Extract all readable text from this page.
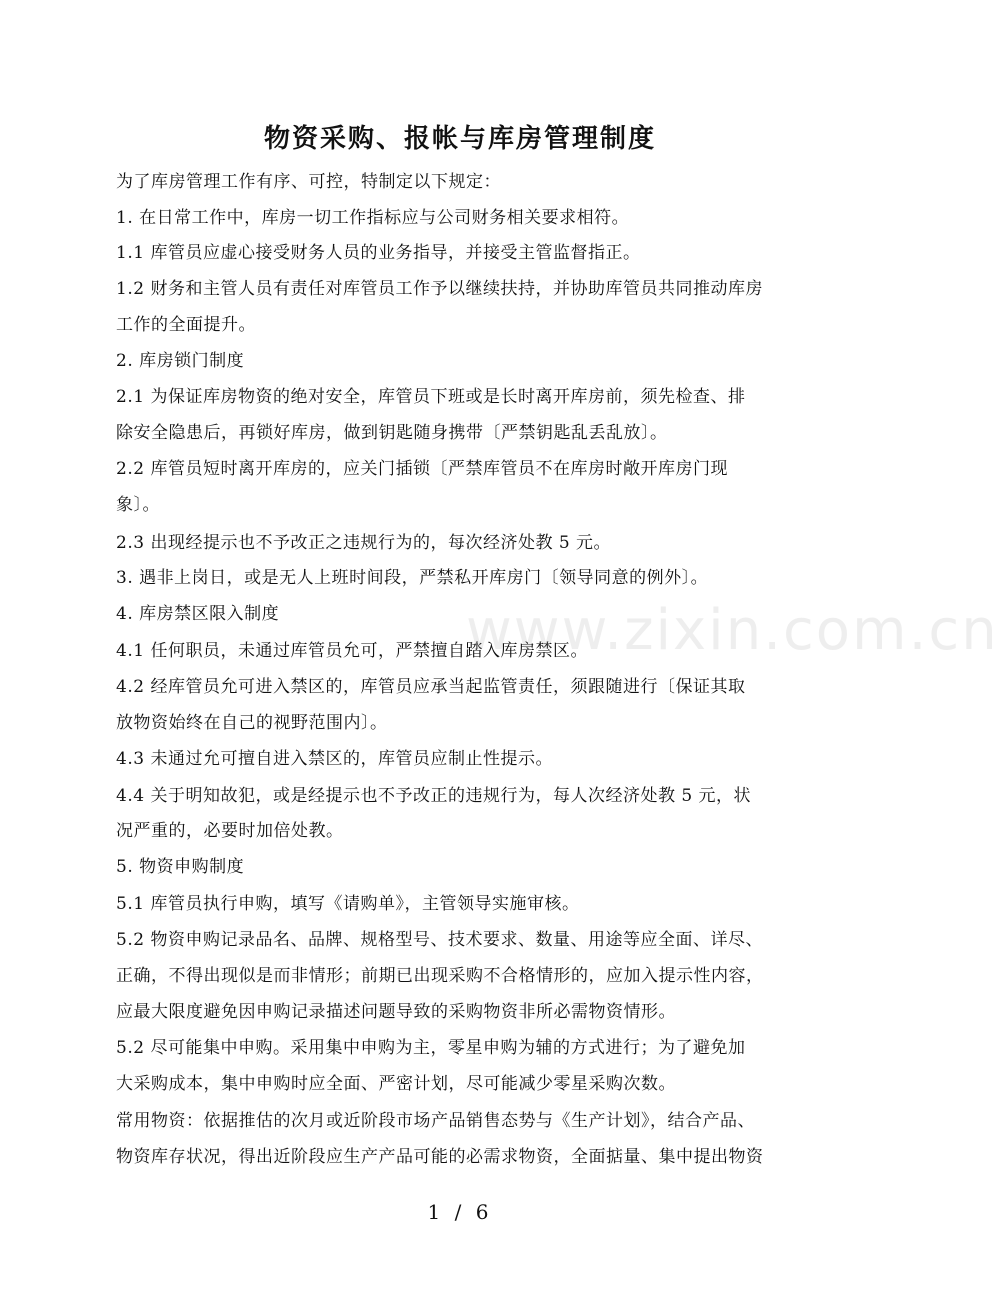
物资采购、报帐与库房管理制度
为了库房管理工作有序、可控，特制定以下规定：
1. 在日常工作中，库房一切工作指标应与公司财务相关要求相符。
1.1 库管员应虚心接受财务人员的业务指导，并接受主管监督指正。
1.2 财务和主管人员有责任对库管员工作予以继续扶持，并协助库管员共同推动库房
工作的全面提升。
2. 库房锁门制度
2.1 为保证库房物资的绝对安全，库管员下班或是长时离开库房前，须先检查、排
除安全隐患后，再锁好库房，做到钥匙随身携带〔严禁钥匙乱丢乱放〕。
2.2 库管员短时离开库房的，应关门插锁〔严禁库管员不在库房时敞开库房门现
象〕。
2.3 出现经提示也不予改正之违规行为的，每次经济处教 5 元。
3. 遇非上岗日，或是无人上班时间段，严禁私开库房门〔领导同意的例外〕。
4. 库房禁区限入制度
4.1 任何职员，未通过库管员允可，严禁擅自踏入库房禁区。
4.2 经库管员允可进入禁区的，库管员应承当起监管责任，须跟随进行〔保证其取
放物资始终在自己的视野范围内〕。
4.3 未通过允可擅自进入禁区的，库管员应制止性提示。
4.4 关于明知故犯，或是经提示也不予改正的违规行为，每人次经济处教 5 元，状
况严重的，必要时加倍处教。
5. 物资申购制度
5.1 库管员执行申购，填写《请购单》，主管领导实施审核。
5.2 物资申购记录品名、品牌、规格型号、技术要求、数量、用途等应全面、详尽、
正确，不得出现似是而非情形；前期已出现采购不合格情形的，应加入提示性内容，
应最大限度避免因申购记录描述问题导致的采购物资非所必需物资情形。
5.2 尽可能集中申购。采用集中申购为主，零星申购为辅的方式进行；为了避免加
大采购成本，集中申购时应全面、严密计划，尽可能减少零星采购次数。
常用物资：依据推估的次月或近阶段市场产品销售态势与《生产计划》，结合产品、
物资库存状况，得出近阶段应生产产品可能的必需求物资，全面掂量、集中提出物资
www.zixin.com.cn
1 / 6
